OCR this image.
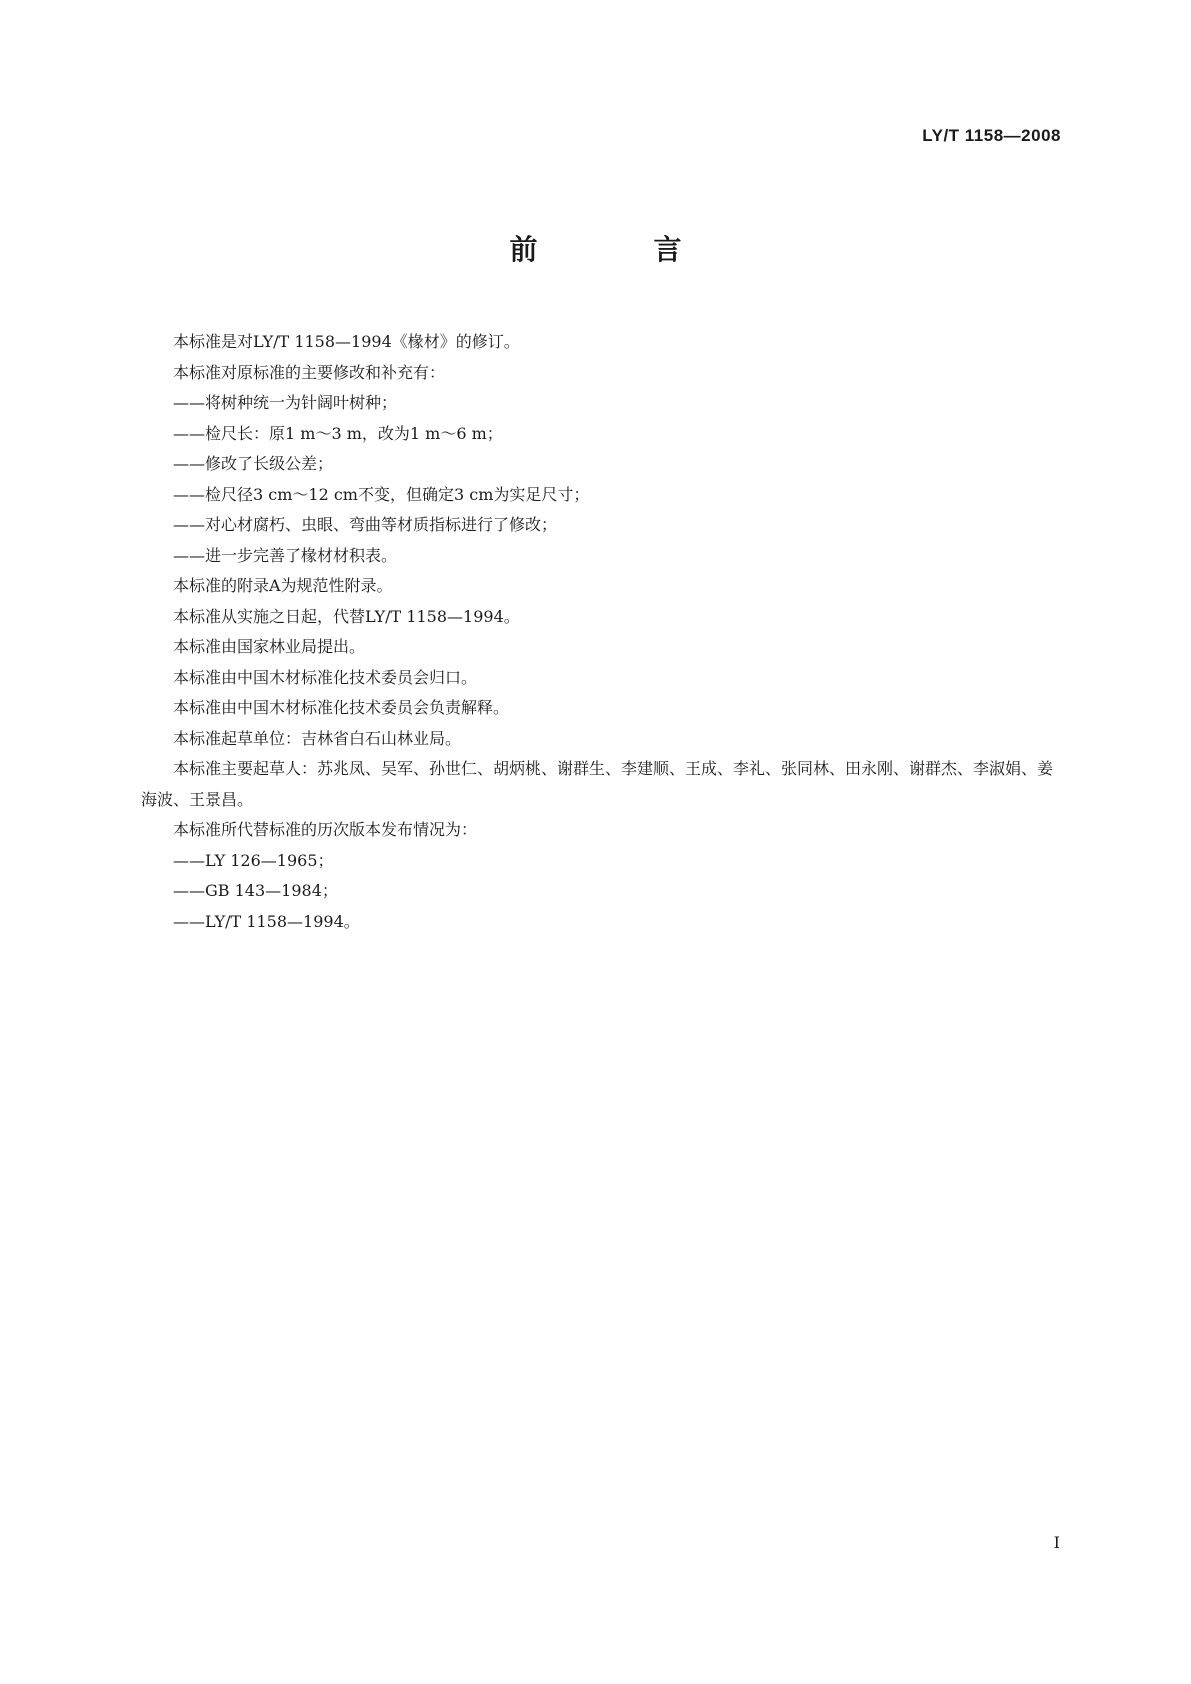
LY/T 1158—2008
前　言

本标准是对LY/T 1158—1994《椽材》的修订。

本标准对原标准的主要修改和补充有：

——将树种统一为针阔叶树种；

——检尺长：原1 m～3 m，改为1 m～6 m；

——修改了长级公差；

——检尺径3 cm～12 cm不变，但确定3 cm为实足尺寸；

——对心材腐朽、虫眼、弯曲等材质指标进行了修改；

——进一步完善了椽材材积表。

本标准的附录A为规范性附录。

本标准从实施之日起，代替LY/T 1158—1994。

本标准由国家林业局提出。

本标准由中国木材标准化技术委员会归口。

本标准由中国木材标准化技术委员会负责解释。

本标准起草单位：吉林省白石山林业局。

本标准主要起草人：苏兆凤、吴军、孙世仁、胡炳桃、谢群生、李建顺、王成、李礼、张同林、田永刚、谢群杰、李淑娟、姜海波、王景昌。

本标准所代替标准的历次版本发布情况为：

——LY 126—1965；

——GB 143—1984；

——LY/T 1158—1994。

I
